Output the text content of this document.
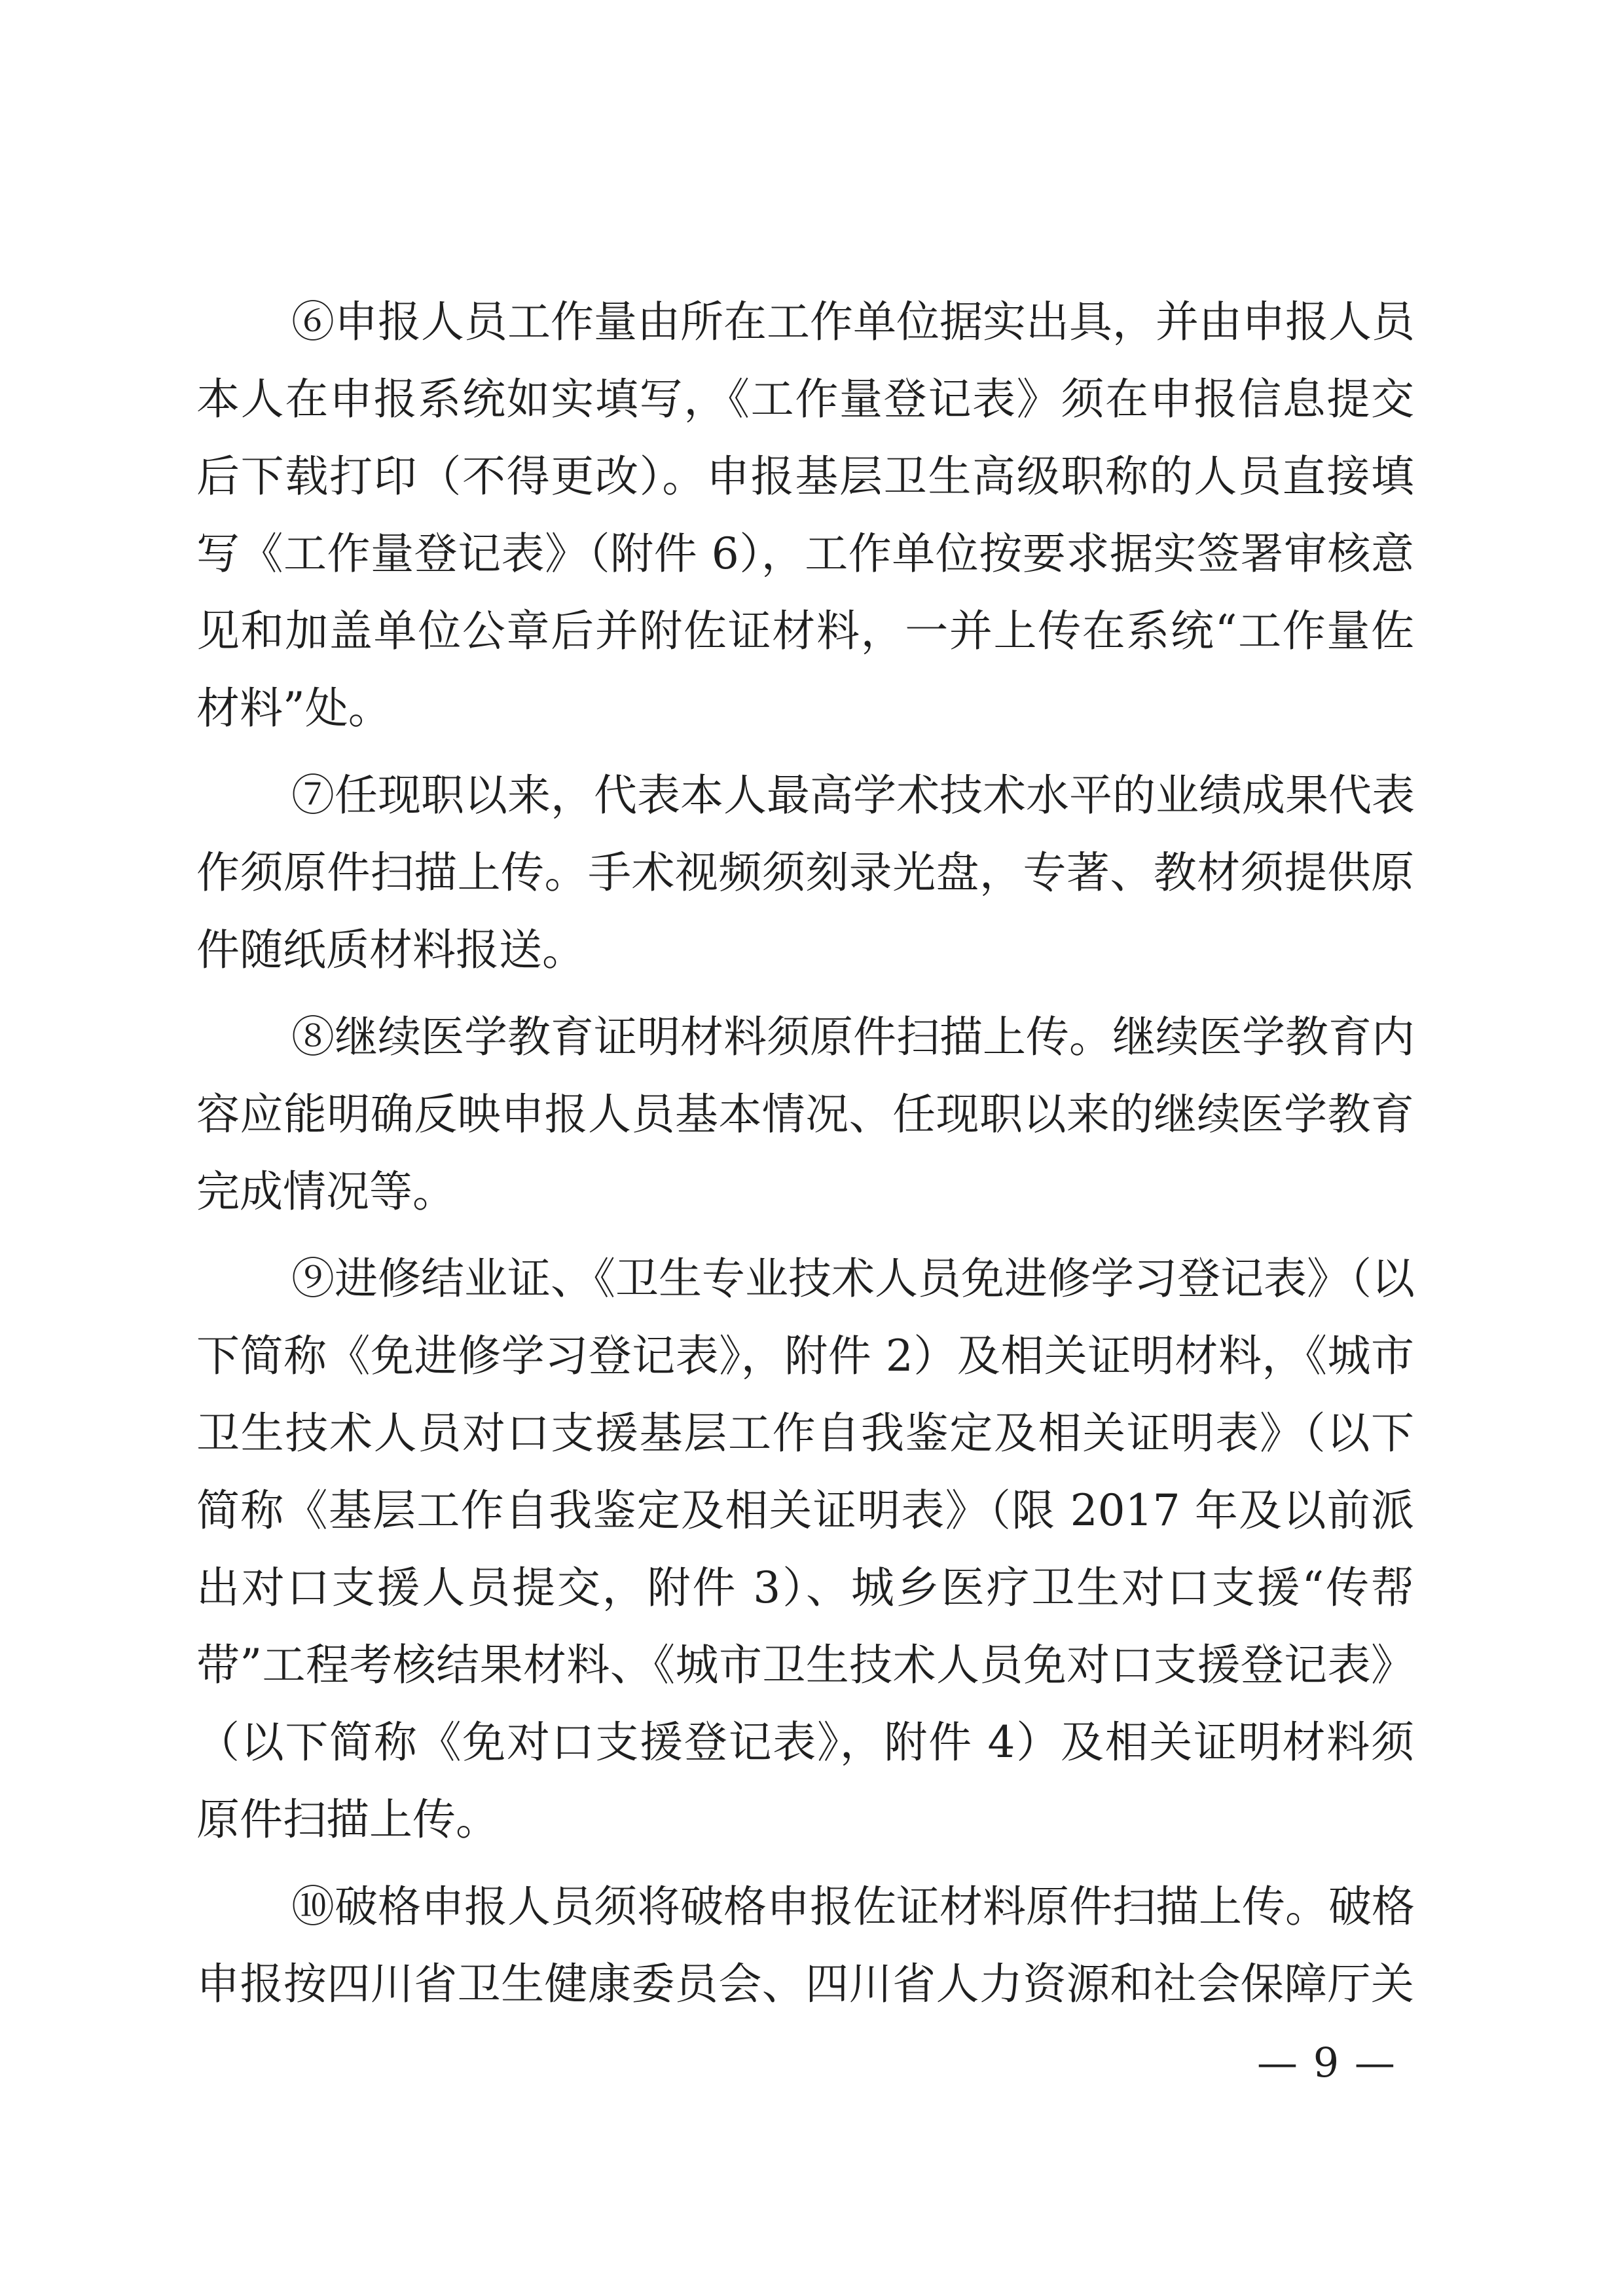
⑥申报人员工作量由所在工作单位据实出具，并由申报人员
本人在申报系统如实填写，《工作量登记表》须在申报信息提交
后下载打印（不得更改）。申报基层卫生高级职称的人员直接填
写《工作量登记表》（附件 6），工作单位按要求据实签署审核意
见和加盖单位公章后并附佐证材料，一并上传在系统“工作量佐
材料”处。
⑦任现职以来，代表本人最高学术技术水平的业绩成果代表
作须原件扫描上传。手术视频须刻录光盘，专著、教材须提供原
件随纸质材料报送。
⑧继续医学教育证明材料须原件扫描上传。继续医学教育内
容应能明确反映申报人员基本情况、任现职以来的继续医学教育
完成情况等。
⑨进修结业证、《卫生专业技术人员免进修学习登记表》（以
下简称《免进修学习登记表》，附件 2）及相关证明材料，《城市
卫生技术人员对口支援基层工作自我鉴定及相关证明表》（以下
简称《基层工作自我鉴定及相关证明表》（限 2017 年及以前派
出对口支援人员提交，附件 3）、城乡医疗卫生对口支援“传帮
带”工程考核结果材料、《城市卫生技术人员免对口支援登记表》
（以下简称《免对口支援登记表》，附件 4）及相关证明材料须
原件扫描上传。
⑩破格申报人员须将破格申报佐证材料原件扫描上传。破格
申报按四川省卫生健康委员会、四川省人力资源和社会保障厅关
— 9 —
